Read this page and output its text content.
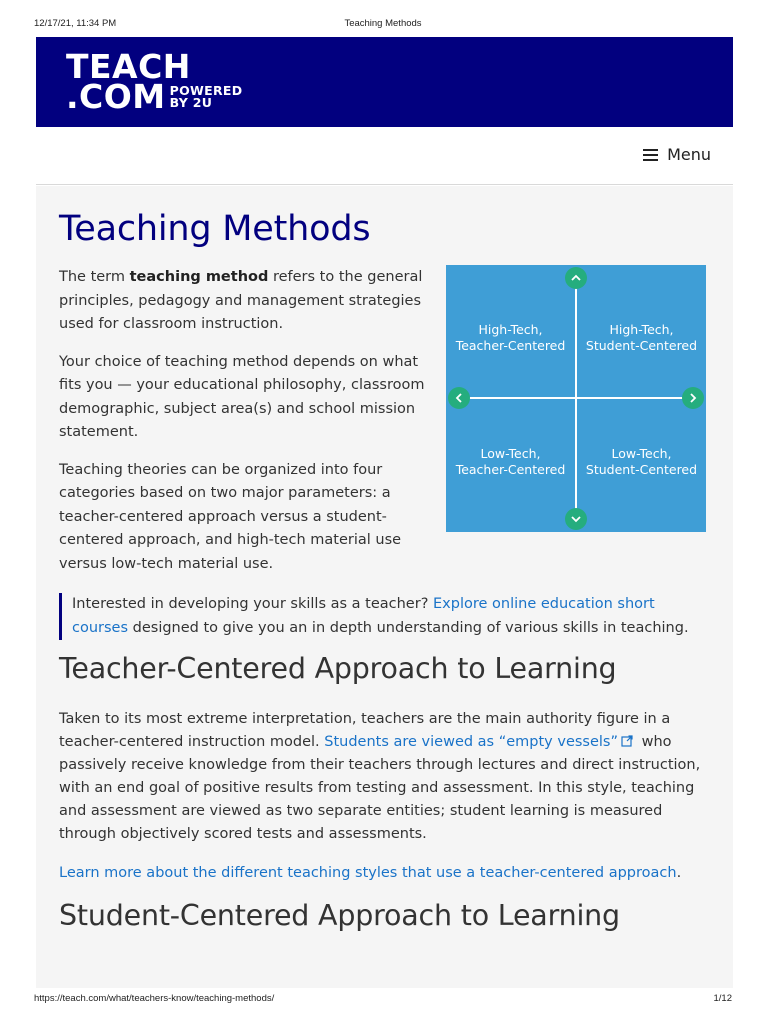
12/17/21, 11:34 PM	Teaching Methods
TEACH
.COM POWERED
BY 2U
Menu
Teaching Methods

The term teaching method refers to the general principles, pedagogy and management strategies used for classroom instruction.

Your choice of teaching method depends on what fits you — your educational philosophy, classroom demographic, subject area(s) and school mission statement.

Teaching theories can be organized into four categories based on two major parameters: a teacher-centered approach versus a student-centered approach, and high-tech material use versus low-tech material use.

High-Tech,
Teacher-Centered
High-Tech,
Student-Centered
Low-Tech,
Teacher-Centered
Low-Tech,
Student-Centered
Interested in developing your skills as a teacher? Explore online education short courses designed to give you an in depth understanding of various skills in teaching.
Teacher-Centered Approach to Learning

Taken to its most extreme interpretation, teachers are the main authority figure in a teacher-centered instruction model. Students are viewed as “empty vessels” who passively receive knowledge from their teachers through lectures and direct instruction, with an end goal of positive results from testing and assessment. In this style, teaching and assessment are viewed as two separate entities; student learning is measured through objectively scored tests and assessments.

Learn more about the different teaching styles that use a teacher-centered approach.

Student-Centered Approach to Learning
https://teach.com/what/teachers-know/teaching-methods/	1/12
